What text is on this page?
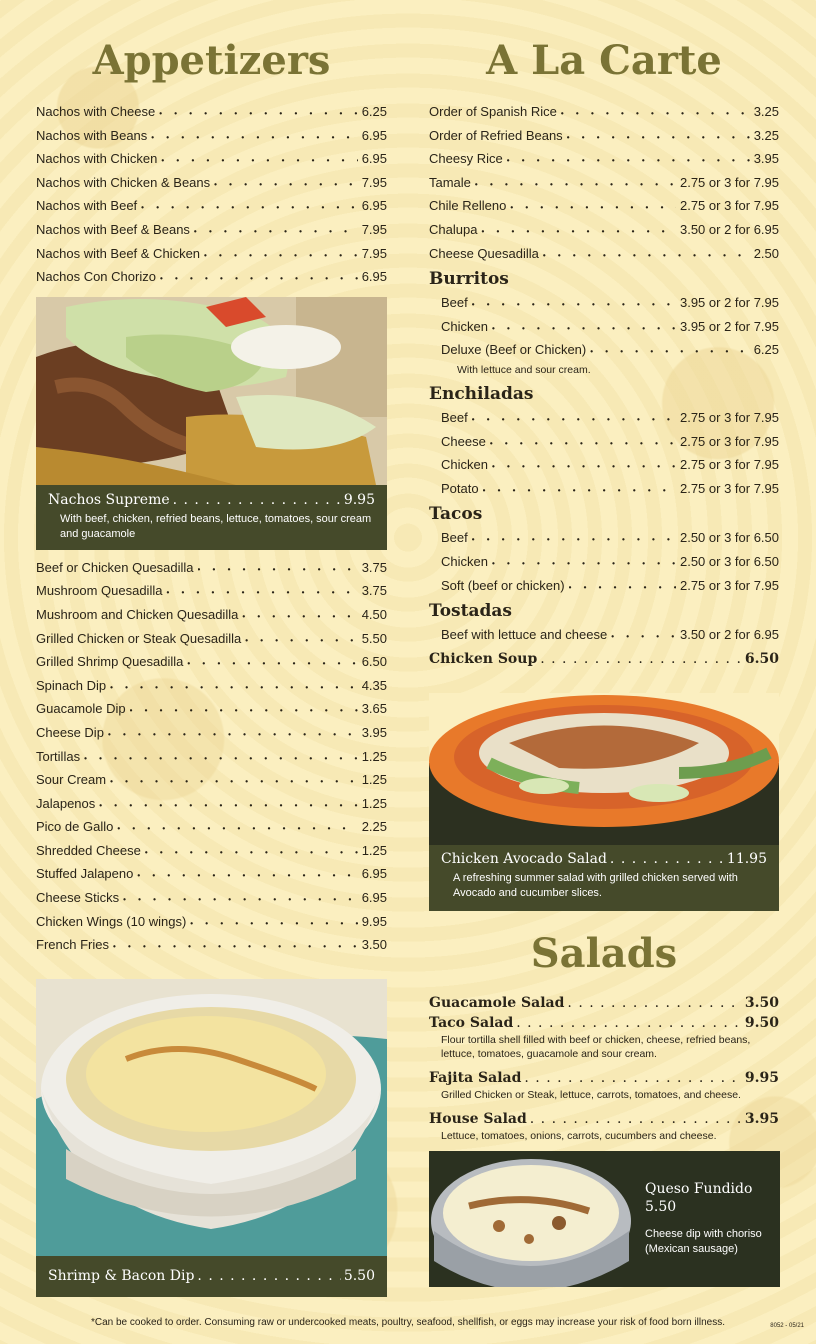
Appetizers
Nachos with Cheese • • •	6.25
Nachos with Beans • • •	6.95
Nachos with Chicken • • •	6.95
Nachos with Chicken & Beans • • •	7.95
Nachos with Beef • • •	6.95
Nachos with Beef & Beans • • •	7.95
Nachos with Beef & Chicken • • •	7.95
Nachos Con Chorizo • • •	6.95
Nachos Supreme . . .	9.95
With beef, chicken, refried beans, lettuce, tomatoes, sour cream and guacamole
Beef or Chicken Quesadilla • • •	3.75
Mushroom Quesadilla • • •	3.75
Mushroom and Chicken Quesadilla • • •	4.50
Grilled Chicken or Steak Quesadilla • • •	5.50
Grilled Shrimp Quesadilla • • •	6.50
Spinach Dip • • •	4.35
Guacamole Dip • • •	3.65
Cheese Dip • • •	3.95
Tortillas • • •	1.25
Sour Cream • • •	1.25
Jalapenos • • •	1.25
Pico de Gallo • • •	2.25
Shredded Cheese • • •	1.25
Stuffed Jalapeno • • •	6.95
Cheese Sticks • • •	6.95
Chicken Wings (10 wings) • • •	9.95
French Fries • • •	3.50
Shrimp & Bacon Dip . . .	5.50
A La Carte
Order of Spanish Rice • • •	3.25
Order of Refried Beans • • •	3.25
Cheesy Rice • • •	3.95
Tamale • • •	2.75 or 3 for 7.95
Chile Relleno • • •	2.75 or 3 for 7.95
Chalupa • • •	3.50 or 2 for 6.95
Cheese Quesadilla • • •	2.50
Burritos
Beef • • •	3.95 or 2 for 7.95
Chicken • • •	3.95 or 2 for 7.95
Deluxe (Beef or Chicken) • • •	6.25
With lettuce and sour cream.
Enchiladas
Beef • • •	2.75 or 3 for 7.95
Cheese • • •	2.75 or 3 for 7.95
Chicken • • •	2.75 or 3 for 7.95
Potato • • •	2.75 or 3 for 7.95
Tacos
Beef • • •	2.50 or 3 for 6.50
Chicken • • •	2.50 or 3 for 6.50
Soft (beef or chicken) • • •	2.75 or 3 for 7.95
Tostadas
Beef with lettuce and cheese • • •	3.50 or 2 for 6.95
Chicken Soup . . .	6.50
Chicken Avocado Salad . . .	11.95
A refreshing summer salad with grilled chicken served with Avocado and cucumber slices.
Salads
Guacamole Salad . . .	3.50
Taco Salad . . .	9.50
Flour tortilla shell filled with beef or chicken, cheese, refried beans, lettuce, tomatoes, guacamole and sour cream.
Fajita Salad . . .	9.95
Grilled Chicken or Steak, lettuce, carrots, tomatoes, and cheese.
House Salad . . .	3.95
Lettuce, tomatoes, onions, carrots, cucumbers and cheese.
Queso Fundido
5.50
Cheese dip with choriso (Mexican sausage)
*Can be cooked to order. Consuming raw or undercooked meats, poultry, seafood, shellfish, or eggs may increase your risk of food born illness.	8052 - 05/21
